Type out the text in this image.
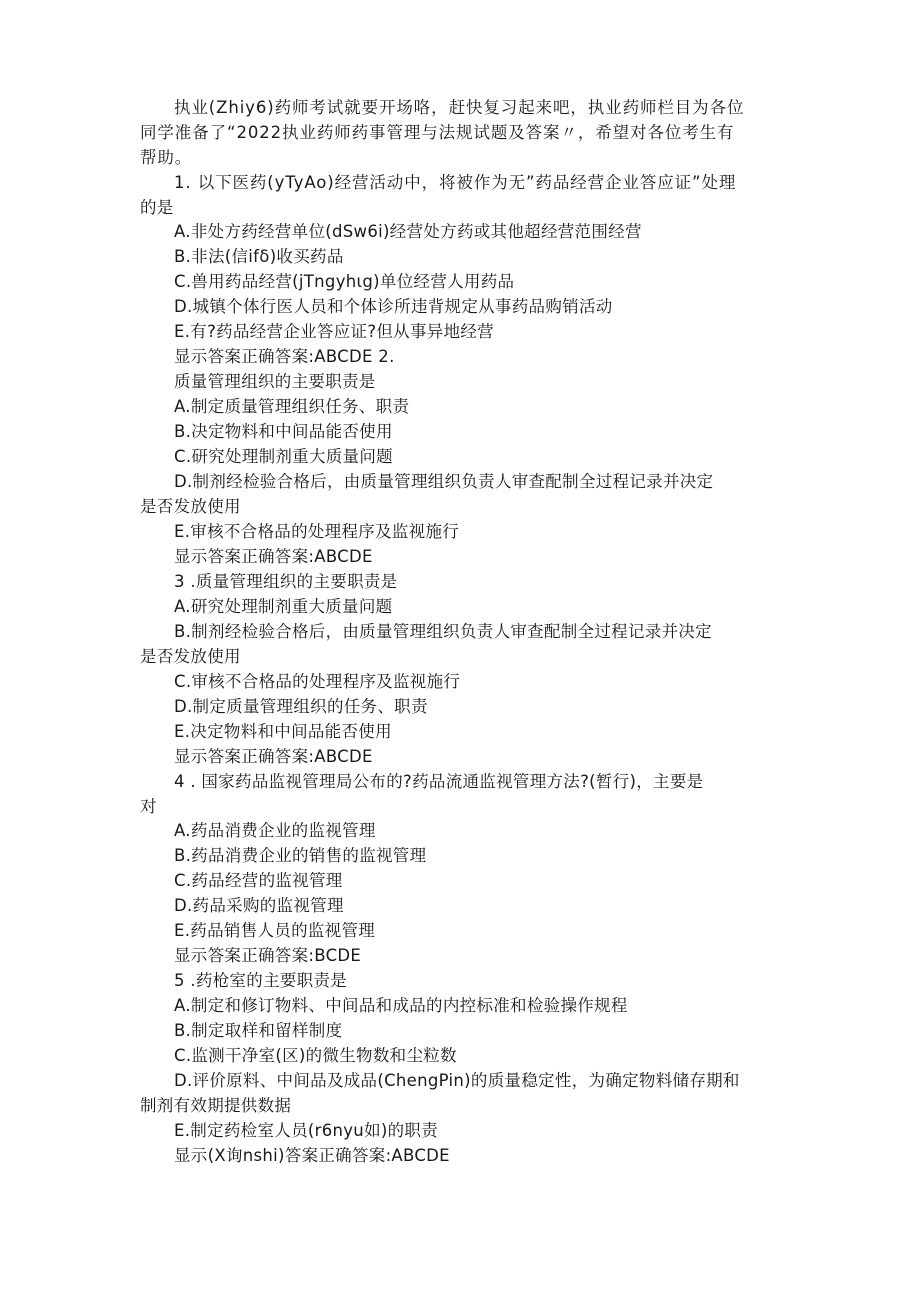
执业(Zhiy6)药师考试就要开场咯，赶快复习起来吧，执业药师栏目为各位
同学准备了“2022执业药师药事管理与法规试题及答案〃，希望对各位考生有
帮助。
1. 以下医药(yTyAo)经营活动中，将被作为无”药品经营企业答应证”处理
的是
A.非处方药经营单位(dSw6i)经营处方药或其他超经营范围经营
B.非法(信ifδ)收买药品
C.兽用药品经营(jTngyhιg)单位经营人用药品
D.城镇个体行医人员和个体诊所违背规定从事药品购销活动
E.有?药品经营企业答应证?但从事异地经营
显示答案正确答案:ABCDE 2.
质量管理组织的主要职责是
A.制定质量管理组织任务、职责
B.决定物料和中间品能否使用
C.研究处理制剂重大质量问题
D.制剂经检验合格后，由质量管理组织负责人审查配制全过程记录并决定
是否发放使用
E.审核不合格品的处理程序及监视施行
显示答案正确答案:ABCDE
3 .质量管理组织的主要职责是
A.研究处理制剂重大质量问题
B.制剂经检验合格后，由质量管理组织负责人审查配制全过程记录并决定
是否发放使用
C.审核不合格品的处理程序及监视施行
D.制定质量管理组织的任务、职责
E.决定物料和中间品能否使用
显示答案正确答案:ABCDE
4 . 国家药品监视管理局公布的?药品流通监视管理方法?(暂行)，主要是
对
A.药品消费企业的监视管理
B.药品消费企业的销售的监视管理
C.药品经营的监视管理
D.药品采购的监视管理
E.药品销售人员的监视管理
显示答案正确答案:BCDE
5 .药枪室的主要职责是
A.制定和修订物料、中间品和成品的内控标准和检验操作规程
B.制定取样和留样制度
C.监测干净室(区)的微生物数和尘粒数
D.评价原料、中间品及成品(ChengPin)的质量稳定性，为确定物料储存期和
制剂有效期提供数据
E.制定药检室人员(r6nyu如)的职责
显示(X询nshi)答案正确答案:ABCDE
